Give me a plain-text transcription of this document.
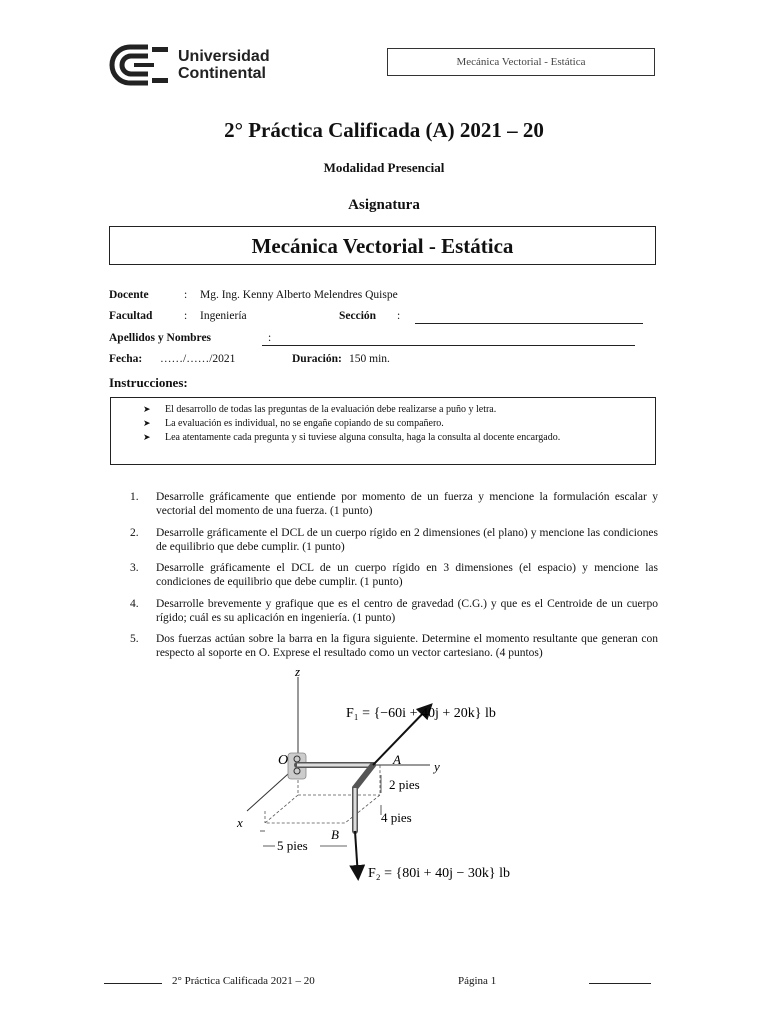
Universidad
Continental
Mecánica Vectorial - Estática
2° Práctica Calificada (A) 2021 – 20
Modalidad Presencial
Asignatura
Mecánica Vectorial - Estática
Docente	: Mg. Ing. Kenny Alberto Melendres Quispe
Facultad	: Ingeniería	Sección :
Apellidos y Nombres	:
Fecha: ……/……/2021	Duración: 150 min.
Instrucciones:
➤ El desarrollo de todas las preguntas de la evaluación debe realizarse a puño y letra.
➤ La evaluación es individual, no se engañe copiando de su compañero.
➤ Lea atentamente cada pregunta y si tuviese alguna consulta, haga la consulta al docente encargado.
1. Desarrolle gráficamente que entiende por momento de un fuerza y mencione la formulación escalar y vectorial del momento de una fuerza. (1 punto)
2. Desarrolle gráficamente el DCL de un cuerpo rígido en 2 dimensiones (el plano) y mencione las condiciones de equilibrio que debe cumplir. (1 punto)
3. Desarrolle gráficamente el DCL de un cuerpo rígido en 3 dimensiones (el espacio) y mencione las condiciones de equilibrio que debe cumplir. (1 punto)
4. Desarrolle brevemente y grafique que es el centro de gravedad (C.G.) y que es el Centroide de un cuerpo rígido; cuál es su aplicación en ingeniería. (1 punto)
5. Dos fuerzas actúan sobre la barra en la figura siguiente. Determine el momento resultante que generan con respecto al soporte en O. Exprese el resultado como un vector cartesiano. (4 puntos)
z
y
x
O	A
B
F₁ = {−60i + 40j + 20k} lb
F₂ = {80i + 40j − 30k} lb
2 pies
4 pies
5 pies
2° Práctica Calificada 2021 – 20	Página 1
